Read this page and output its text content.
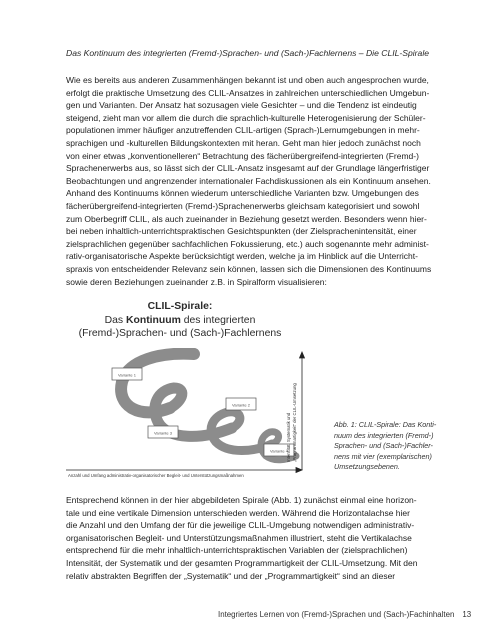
Das Kontinuum des integrierten (Fremd-)Sprachen- und (Sach-)Fachlernens – Die CLIL-Spirale
Wie es bereits aus anderen Zusammenhängen bekannt ist und oben auch angesprochen wurde,
erfolgt die praktische Umsetzung des CLIL-Ansatzes in zahlreichen unterschiedlichen Umgebun-
gen und Varianten. Der Ansatz hat sozusagen viele Gesichter – und die Tendenz ist eindeutig
steigend, zieht man vor allem die durch die sprachlich-kulturelle Heterogenisierung der Schüler-
populationen immer häufiger anzutreffenden CLIL-artigen (Sprach-)Lernumgebungen in mehr-
sprachigen und -kulturellen Bildungskontexten mit heran. Geht man hier jedoch zunächst noch
von einer etwas „konventionelleren“ Betrachtung des fächerübergreifend-integrierten (Fremd-)
Sprachenerwerbs aus, so lässt sich der CLIL-Ansatz insgesamt auf der Grundlage längerfristiger
Beobachtungen und angrenzender internationaler Fachdiskussionen als ein Kontinuum ansehen.
Anhand des Kontinuums können wiederum unterschiedliche Varianten bzw. Umgebungen des
fächerübergreifend-integrierten (Fremd-)Sprachenerwerbs gleichsam kategorisiert und sowohl
zum Oberbegriff CLIL, als auch zueinander in Beziehung gesetzt werden. Besonders wenn hier-
bei neben inhaltlich-unterrichtspraktischen Gesichtspunkten (der Zielsprachenintensität, einer
zielsprachlichen gegenüber sachfachlichen Fokussierung, etc.) auch sogenannte mehr administ-
rativ-organisatorische Aspekte berücksichtigt werden, welche ja im Hinblick auf die Unterricht-
spraxis von entscheidender Relevanz sein können, lassen sich die Dimensionen des Kontinuums
sowie deren Beziehungen zueinander z.B. in Spiralform visualisieren:
CLIL-Spirale:
Das Kontinuum des integrierten
(Fremd-)Sprachen- und (Sach-)Fachlernens
Variante 1
Variante 2
Variante 3
Variante 4
Anzahl und Umfang administrativ-organisatorischer Begleit- und Unterstützungsmaßnahmen
Intensität, Systematik und „Programmartigkeit“ der CLIL-Umsetzung	Abb. 1: CLIL-Spirale: Das Konti-
nuum des integrierten (Fremd-)
Sprachen- und (Sach-)Fachler-
nens mit vier (exemplarischen)
Umsetzungsebenen.
Entsprechend können in der hier abgebildeten Spirale (Abb. 1) zunächst einmal eine horizon-
tale und eine vertikale Dimension unterschieden werden. Während die Horizontalachse hier
die Anzahl und den Umfang der für die jeweilige CLIL-Umgebung notwendigen administrativ-
organisatorischen Begleit- und Unterstützungsmaßnahmen illustriert, steht die Vertikalachse
entsprechend für die mehr inhaltlich-unterrichtspraktischen Variablen der (zielsprachlichen)
Intensität, der Systematik und der gesamten Programmartigkeit der CLIL-Umsetzung. Mit den
relativ abstrakten Begriffen der „Systematik“ und der „Programmartigkeit“ sind an dieser
Integriertes Lernen von (Fremd-)Sprachen und (Sach-)Fachinhalten 13
